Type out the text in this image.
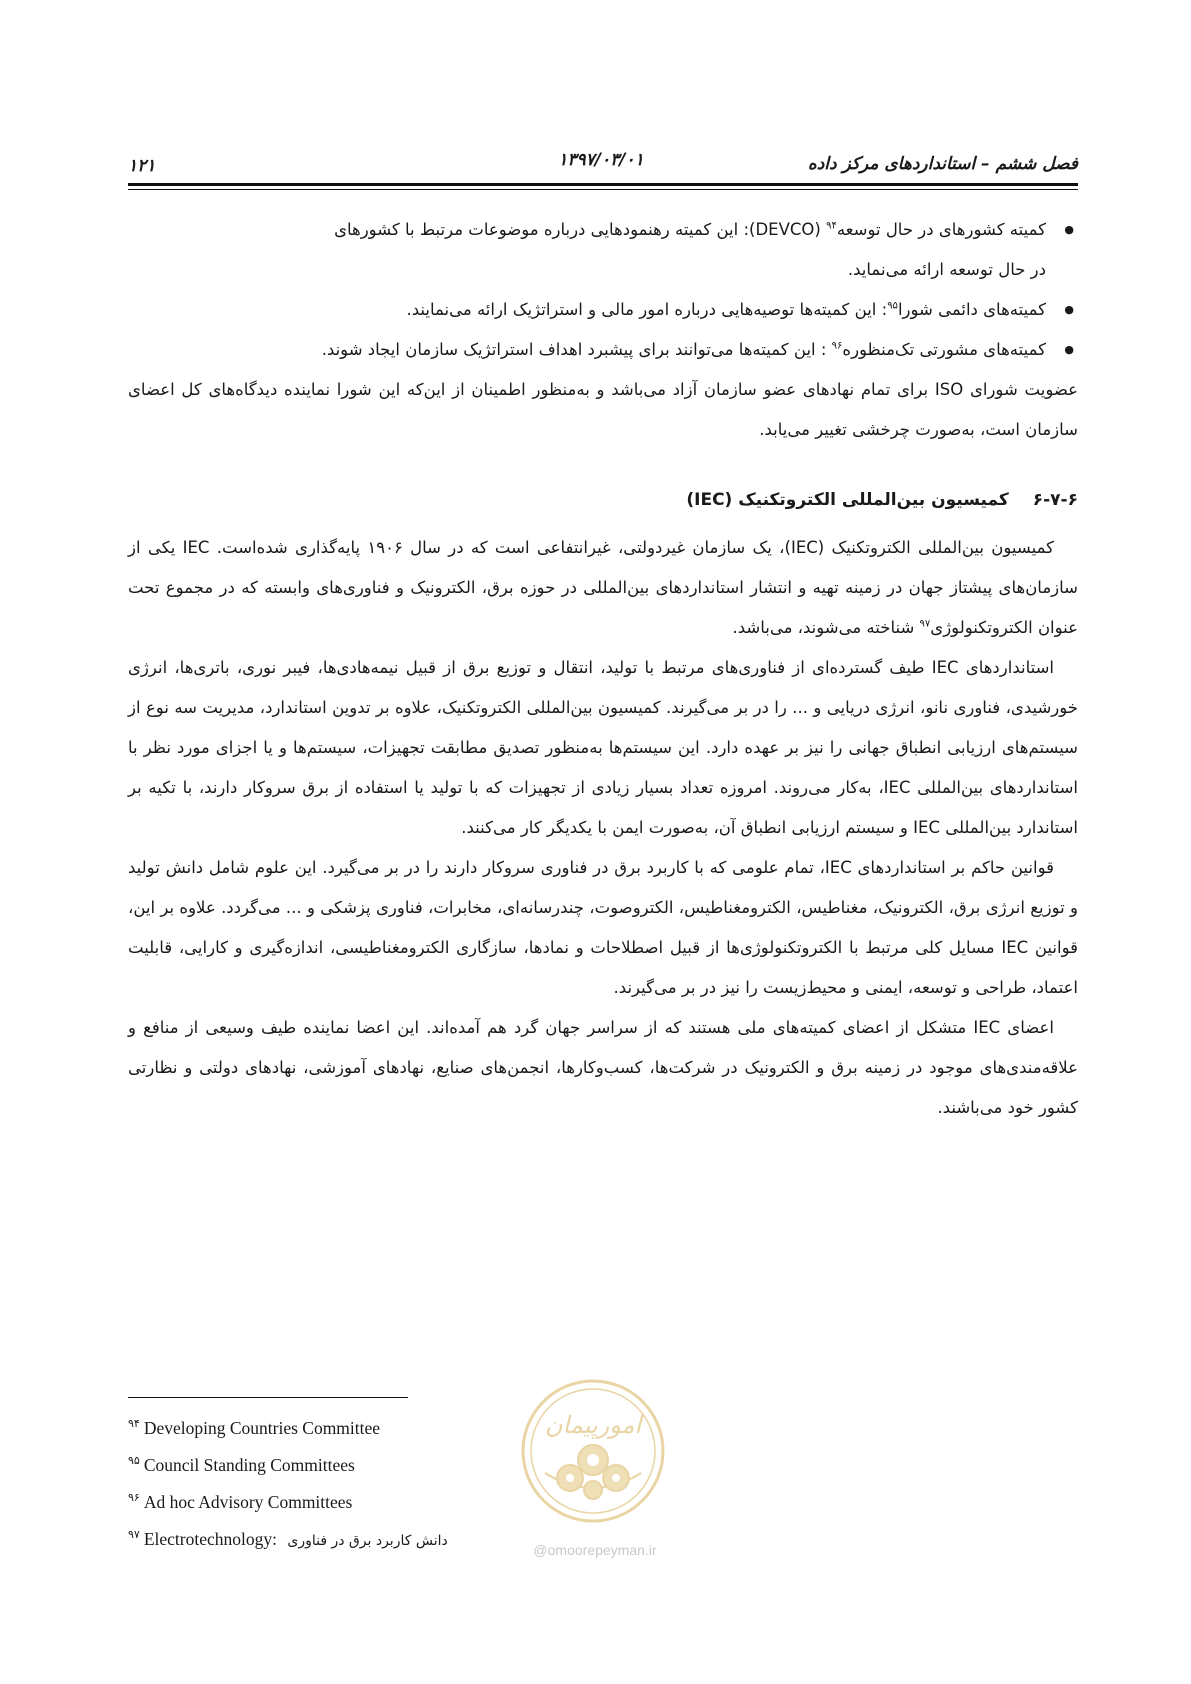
فصل ششم – استانداردهای مرکز داده
۱۳۹۷/۰۳/۰۱
۱۲۱
● کمیته کشورهای در حال توسعه$^{۹۴}$ (DEVCO): این کمیته رهنمودهایی درباره موضوعات مرتبط با کشورهای
در حال توسعه ارائه می‌نماید.
● کمیته‌های دائمی شورا$^{۹۵}$: این کمیته‌ها توصیه‌هایی درباره امور مالی و استراتژیک ارائه می‌نمایند.
● کمیته‌های مشورتی تک‌منظوره$^{۹۶}$ : این کمیته‌ها می‌توانند برای پیشبرد اهداف استراتژیک سازمان ایجاد شوند.

عضویت شورای ISO برای تمام نهادهای عضو سازمان آزاد می‌باشد و به‌منظور اطمینان از این‌که این شورا نماینده دیدگاه‌های کل اعضای سازمان است، به‌صورت چرخشی تغییر می‌یابد.

۶-۷-۶کمیسیون بین‌المللی الکتروتکنیک (IEC)

کمیسیون بین‌المللی الکتروتکنیک (IEC)، یک سازمان غیردولتی، غیرانتفاعی است که در سال ۱۹۰۶ پایه‌گذاری شده‌است. IEC یکی از سازمان‌های پیشتاز جهان در زمینه تهیه و انتشار استانداردهای بین‌المللی در حوزه برق، الکترونیک و فناوری‌های وابسته که در مجموع تحت عنوان الکتروتکنولوژی$^{۹۷}$ شناخته می‌شوند، می‌باشد.

استانداردهای IEC طیف گسترده‌ای از فناوری‌های مرتبط با تولید، انتقال و توزیع برق از قبیل نیمه‌هادی‌ها، فیبر نوری، باتری‌ها، انرژی خورشیدی، فناوری نانو، انرژی دریایی و ... را در بر می‌گیرند. کمیسیون بین‌المللی الکتروتکنیک، علاوه بر تدوین استاندارد، مدیریت سه نوع از سیستم‌های ارزیابی انطباق جهانی را نیز بر عهده دارد. این سیستم‌ها به‌منظور تصدیق مطابقت تجهیزات، سیستم‌ها و یا اجزای مورد نظر با استانداردهای بین‌المللی IEC، به‌کار می‌روند. امروزه تعداد بسیار زیادی از تجهیزات که با تولید یا استفاده از برق سروکار دارند، با تکیه بر استاندارد بین‌المللی IEC و سیستم ارزیابی انطباق آن، به‌صورت ایمن با یکدیگر کار می‌کنند.

قوانین حاکم بر استانداردهای IEC، تمام علومی که با کاربرد برق در فناوری سروکار دارند را در بر می‌گیرد. این علوم شامل دانش تولید و توزیع انرژی برق، الکترونیک، مغناطیس، الکترومغناطیس، الکتروصوت، چندرسانه‌ای، مخابرات، فناوری پزشکی و ... می‌گردد. علاوه بر این، قوانین IEC مسایل کلی مرتبط با الکتروتکنولوژی‌ها از قبیل اصطلاحات و نمادها، سازگاری الکترومغناطیسی، اندازه‌گیری و کارایی، قابلیت اعتماد، طراحی و توسعه، ایمنی و محیط‌زیست را نیز در بر می‌گیرند.

اعضای IEC متشکل از اعضای کمیته‌های ملی هستند که از سراسر جهان گرد هم آمده‌اند. این اعضا نماینده طیف وسیعی از منافع و علاقه‌مندی‌های موجود در زمینه برق و الکترونیک در شرکت‌ها، کسب‌وکارها، انجمن‌های صنایع، نهادهای آموزشی، نهادهای دولتی و نظارتی کشور خود می‌باشند.

$^{۹۴}$ Developing Countries Committee
$^{۹۵}$ Council Standing Committees
$^{۹۶}$ Ad hoc Advisory Committees
$^{۹۷}$ Electrotechnology: دانش کاربرد برق در فناوری
امورپیمان
@omoorepeyman.ir
